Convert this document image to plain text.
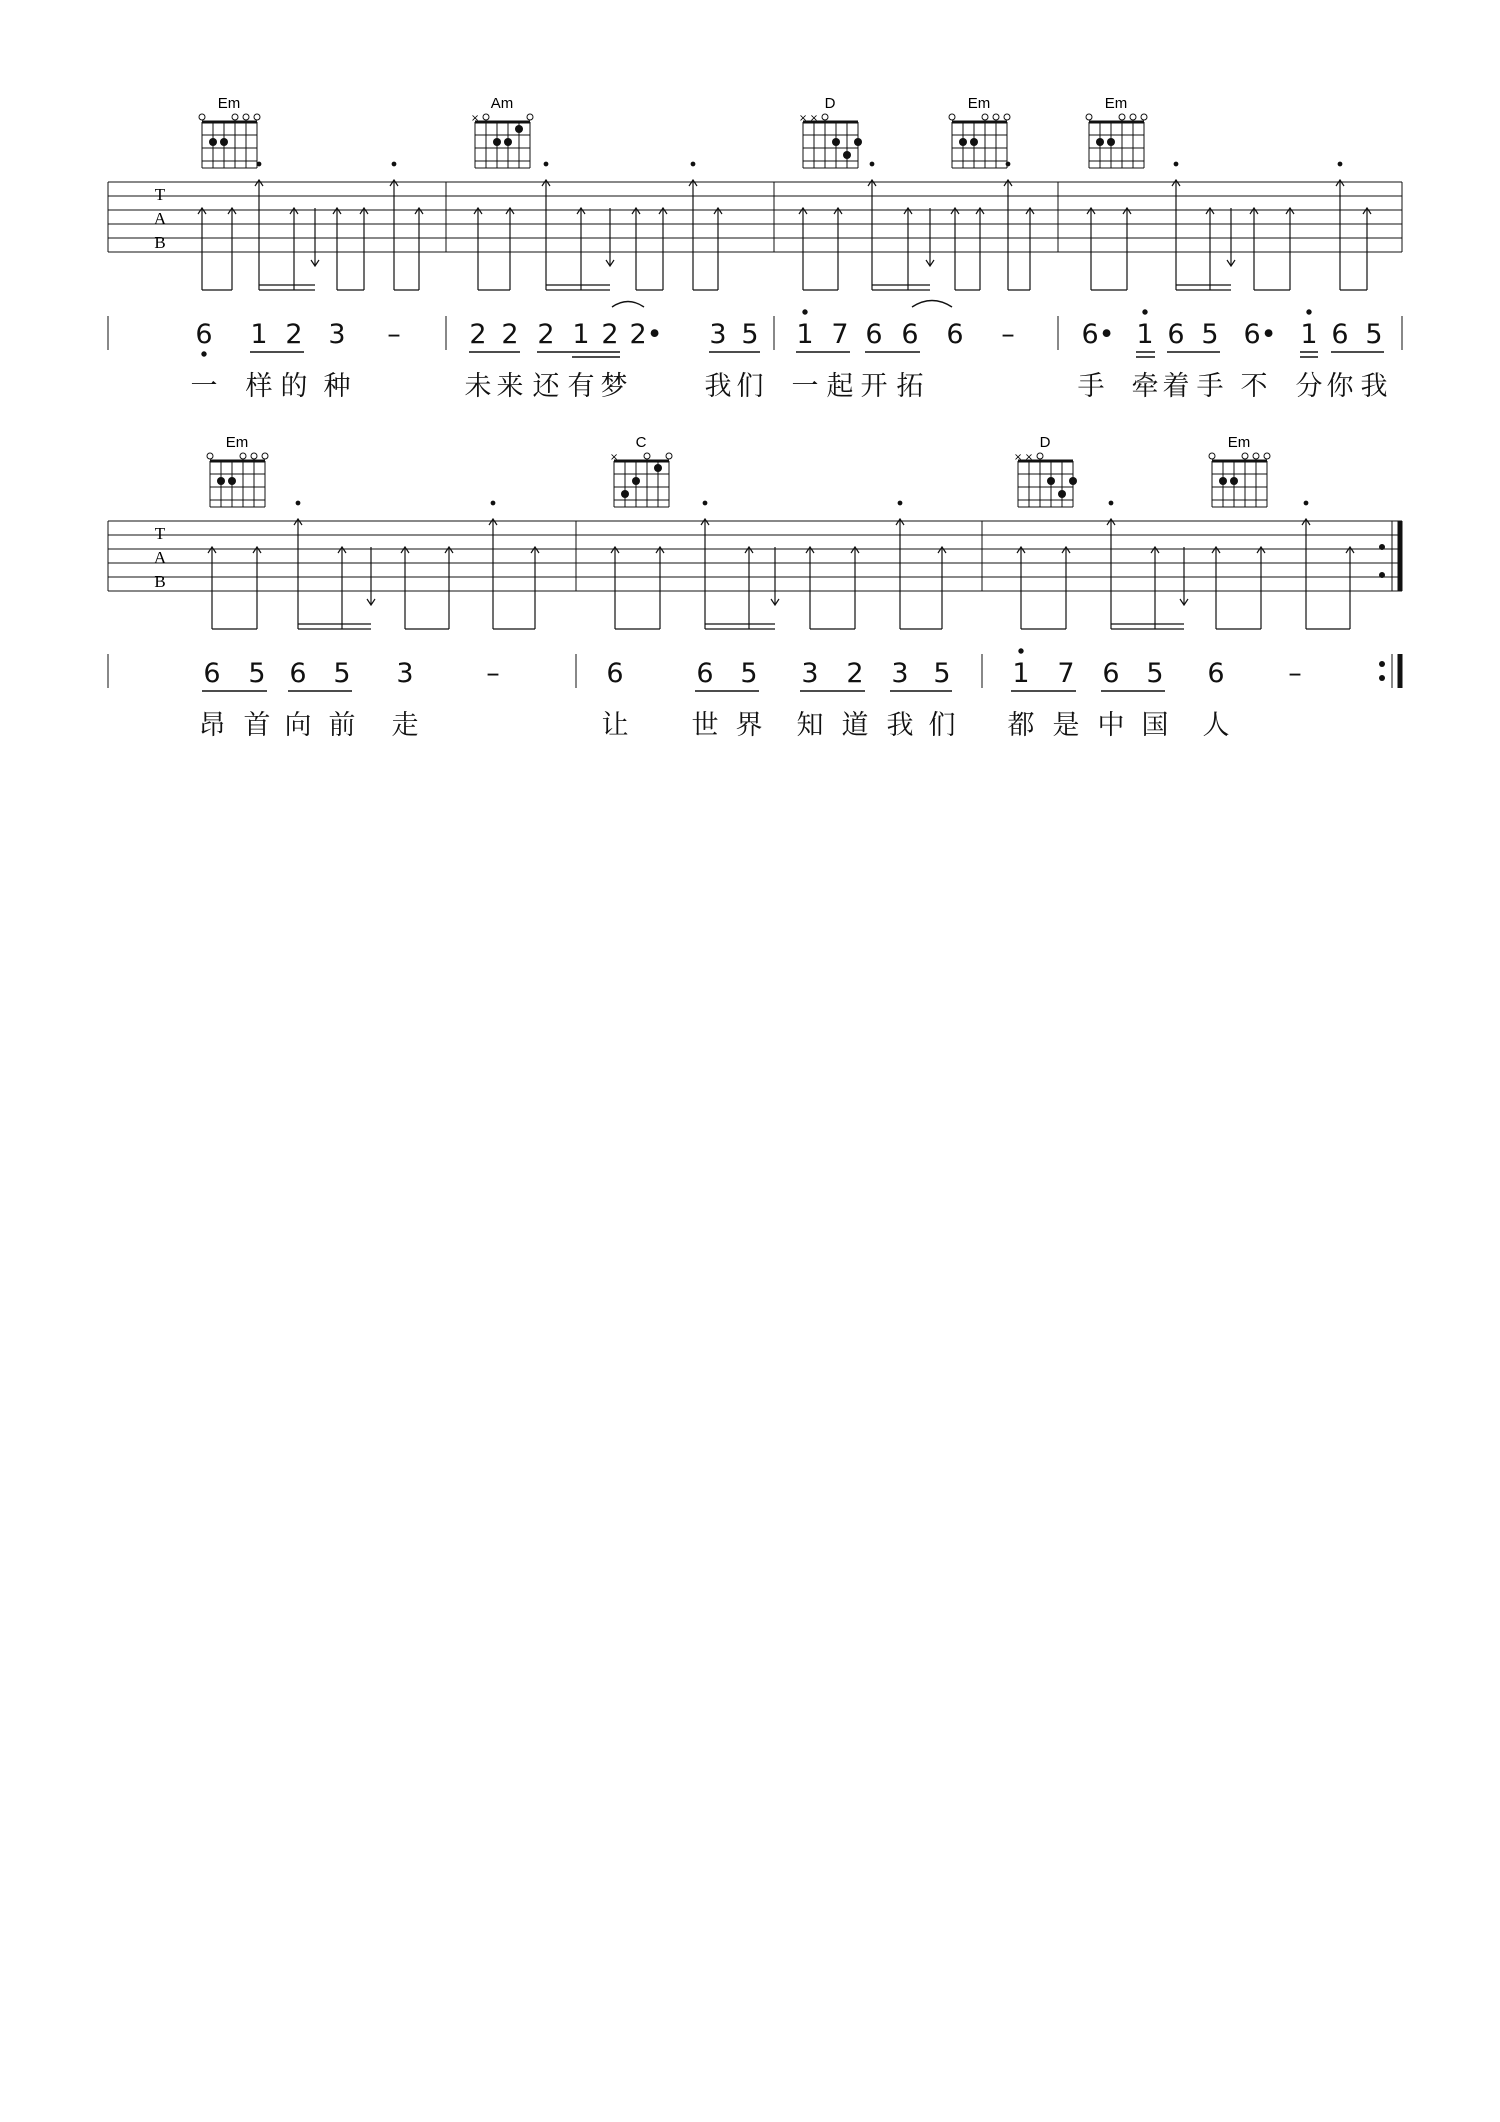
Em	Am
×
D
× ×
Em	Em
T
A
B
6 1 2 3 –	2 2 2 1 2 2• 3 5 1 7 6 6 6 – 6• 1 6 5 6• 1 6 5
一 样 的 种	未 来 还 有 梦	我 们 一 起 开 拓	手 牵 着 手 不 分 你 我
Em	C
×
D
× ×
Em
T
A
B
6 5 6 5 3	–	6	6 5 3 2 3 5 1 7 6 5 6 –
昂 首 向 前 走	让 世 界 知 道 我 们 都 是 中 国 人
